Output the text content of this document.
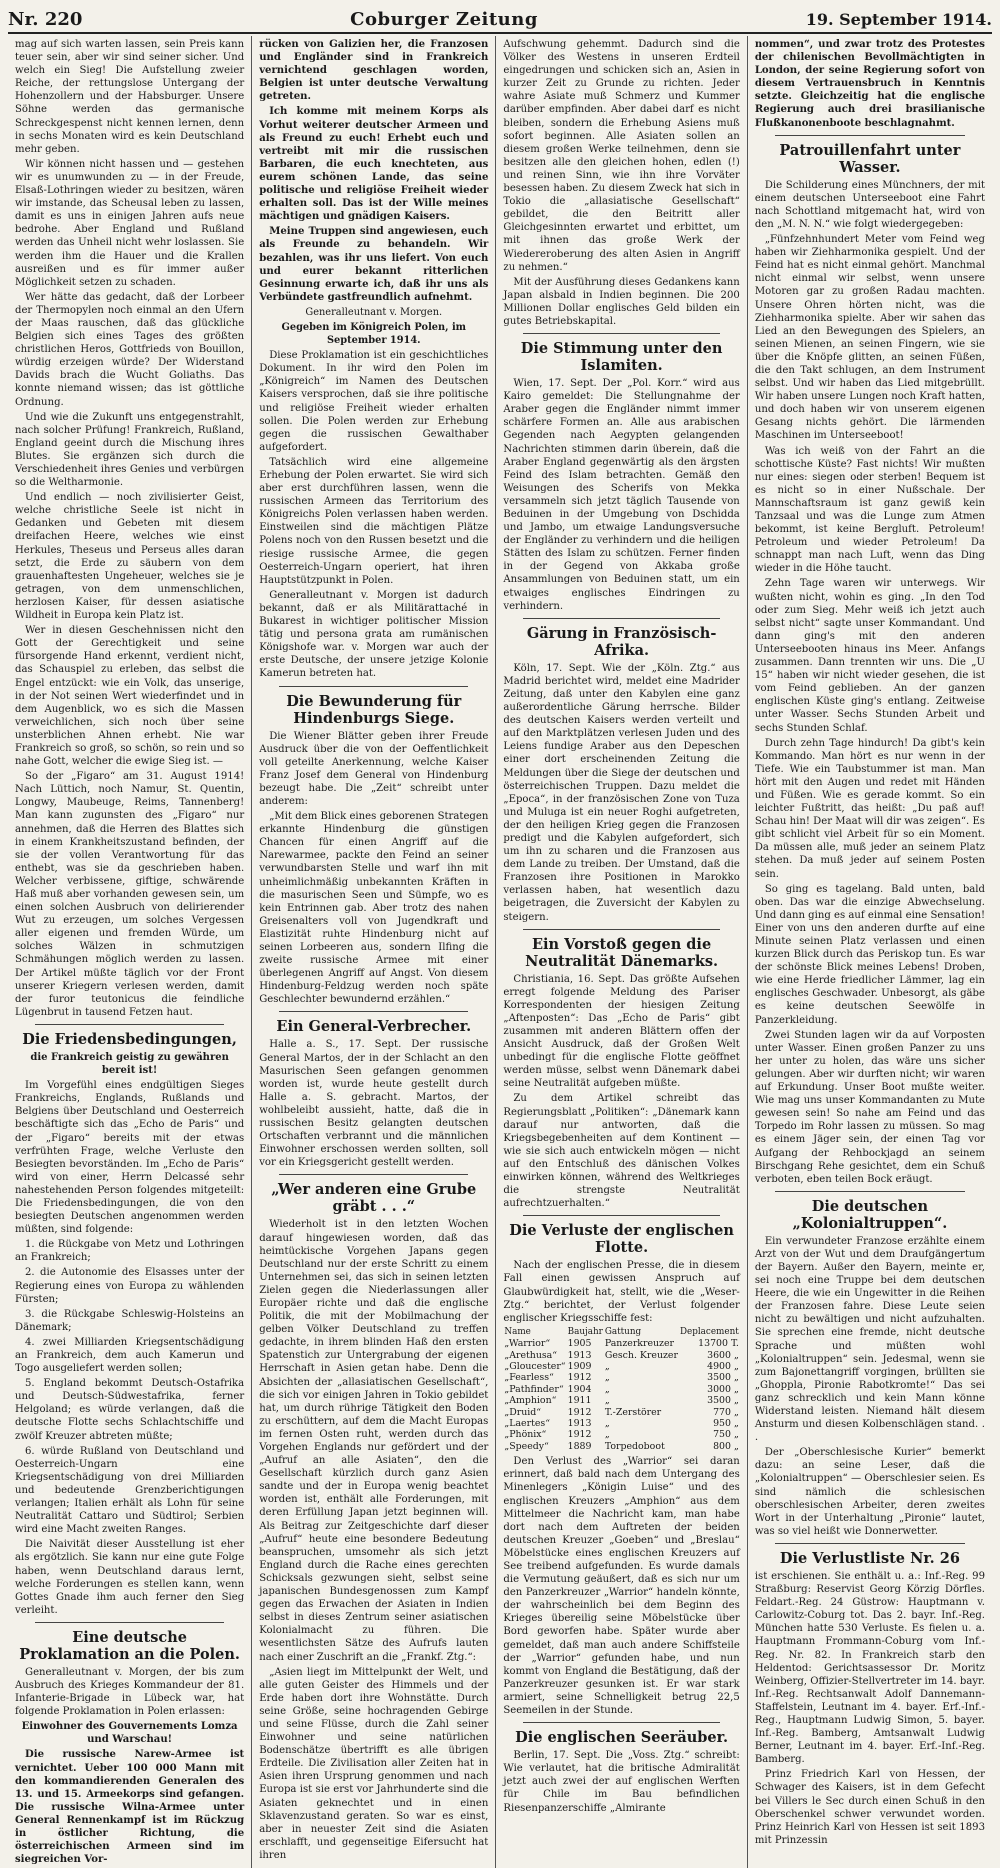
Nr. 220	Coburger Zeitung	19. September 1914.

mag auf sich warten lassen, sein Preis kann teuer sein, aber wir sind seiner sicher. Und welch ein Sieg! Die Aufstellung zweier Reiche, der rettungslose Untergang der Hohenzollern und der Habsburger. Unsere Söhne werden das germanische Schreckgespenst nicht kennen lernen, denn in sechs Monaten wird es kein Deutschland mehr geben.

Wir können nicht hassen und — gestehen wir es unumwunden zu — in der Freude, Elsaß-Lothringen wieder zu besitzen, wären wir imstande, das Scheusal leben zu lassen, damit es uns in einigen Jahren aufs neue bedrohe. Aber England und Rußland werden das Unheil nicht wehr loslassen. Sie werden ihm die Hauer und die Krallen ausreißen und es für immer außer Möglichkeit setzen zu schaden.

Wer hätte das gedacht, daß der Lorbeer der Thermopylen noch einmal an den Ufern der Maas rauschen, daß das glückliche Belgien sich eines Tages des größten christlichen Heros, Gottfrieds von Bouillon, würdig erzeigen würde? Der Widerstand Davids brach die Wucht Goliaths. Das konnte niemand wissen; das ist göttliche Ordnung.

Und wie die Zukunft uns entgegenstrahlt, nach solcher Prüfung! Frankreich, Rußland, England geeint durch die Mischung ihres Blutes. Sie ergänzen sich durch die Verschiedenheit ihres Genies und verbürgen so die Weltharmonie.

Und endlich — noch zivilisierter Geist, welche christliche Seele ist nicht in Gedanken und Gebeten mit diesem dreifachen Heere, welches wie einst Herkules, Theseus und Perseus alles daran setzt, die Erde zu säubern von dem grauenhaftesten Ungeheuer, welches sie je getragen, von dem unmenschlichen, herzlosen Kaiser, für dessen asiatische Wildheit in Europa kein Platz ist.

Wer in diesen Geschehnissen nicht den Gott der Gerechtigkeit und seine fürsorgende Hand erkennt, verdient nicht, das Schauspiel zu erleben, das selbst die Engel entzückt: wie ein Volk, das unserige, in der Not seinen Wert wiederfindet und in dem Augenblick, wo es sich die Massen verweichlichen, sich noch über seine unsterblichen Ahnen erhebt. Nie war Frankreich so groß, so schön, so rein und so nahe Gott, welcher die ewige Sieg ist. —

So der „Figaro“ am 31. August 1914! Nach Lüttich, noch Namur, St. Quentin, Longwy, Maubeuge, Reims, Tannenberg! Man kann zugunsten des „Figaro“ nur annehmen, daß die Herren des Blattes sich in einem Krankheitszustand befinden, der sie der vollen Verantwortung für das enthebt, was sie da geschrieben haben. Welcher verbissene, giftige, schwärende Haß muß aber vorhanden gewesen sein, um einen solchen Ausbruch von delirierender Wut zu erzeugen, um solches Vergessen aller eigenen und fremden Würde, um solches Wälzen in schmutzigen Schmähungen möglich werden zu lassen. Der Artikel müßte täglich vor der Front unserer Kriegern verlesen werden, damit der furor teutonicus die feindliche Lügenbrut in tausend Fetzen haut.

Die Friedensbedingungen,

die Frankreich geistig zu gewähren bereit ist!

Im Vorgefühl eines endgültigen Sieges Frankreichs, Englands, Rußlands und Belgiens über Deutschland und Oesterreich beschäftigte sich das „Echo de Paris“ und der „Figaro“ bereits mit der etwas verfrühten Frage, welche Verluste den Besiegten bevorständen. Im „Echo de Paris“ wird von einer, Herrn Delcassé sehr nahestehenden Person folgendes mitgeteilt: Die Friedensbedingungen, die von den besiegten Deutschen angenommen werden müßten, sind folgende:

1. die Rückgabe von Metz und Lothringen an Frankreich;

2. die Autonomie des Elsasses unter der Regierung eines von Europa zu wählenden Fürsten;

3. die Rückgabe Schleswig-Holsteins an Dänemark;

4. zwei Milliarden Kriegsentschädigung an Frankreich, dem auch Kamerun und Togo ausgeliefert werden sollen;

5. England bekommt Deutsch-Ostafrika und Deutsch-Südwestafrika, ferner Helgoland; es würde verlangen, daß die deutsche Flotte sechs Schlachtschiffe und zwölf Kreuzer abtreten müßte;

6. würde Rußland von Deutschland und Oesterreich-Ungarn eine Kriegsentschädigung von drei Milliarden und bedeutende Grenzberichtigungen verlangen; Italien erhält als Lohn für seine Neutralität Cattaro und Südtirol; Serbien wird eine Macht zweiten Ranges.

Die Naivität dieser Ausstellung ist eher als ergötzlich. Sie kann nur eine gute Folge haben, wenn Deutschland daraus lernt, welche Forderungen es stellen kann, wenn Gottes Gnade ihm auch ferner den Sieg verleiht.

Eine deutsche Proklamation an die Polen.

Generalleutnant v. Morgen, der bis zum Ausbruch des Krieges Kommandeur der 81. Infanterie-Brigade in Lübeck war, hat folgende Proklamation in Polen erlassen:

Einwohner des Gouvernements Lomza und Warschau!

Die russische Narew-Armee ist vernichtet. Ueber 100 000 Mann mit den kommandierenden Generalen des 13. und 15. Armeekorps sind gefangen. Die russische Wilna-Armee unter General Rennenkampf ist im Rückzug in östlicher Richtung, die österreichischen Armeen sind im siegreichen Vor-

rücken von Galizien her, die Franzosen und Engländer sind in Frankreich vernichtend geschlagen worden, Belgien ist unter deutsche Verwaltung getreten.

Ich komme mit meinem Korps als Vorhut weiterer deutscher Armeen und als Freund zu euch! Erhebt euch und vertreibt mit mir die russischen Barbaren, die euch knechteten, aus eurem schönen Lande, das seine politische und religiöse Freiheit wieder erhalten soll. Das ist der Wille meines mächtigen und gnädigen Kaisers.

Meine Truppen sind angewiesen, euch als Freunde zu behandeln. Wir bezahlen, was ihr uns liefert. Von euch und eurer bekannt ritterlichen Gesinnung erwarte ich, daß ihr uns als Verbündete gastfreundlich aufnehmt.

Generalleutnant v. Morgen.

Gegeben im Königreich Polen, im September 1914.

Diese Proklamation ist ein geschichtliches Dokument. In ihr wird den Polen im „Königreich“ im Namen des Deutschen Kaisers versprochen, daß sie ihre politische und religiöse Freiheit wieder erhalten sollen. Die Polen werden zur Erhebung gegen die russischen Gewalthaber aufgefordert.

Tatsächlich wird eine allgemeine Erhebung der Polen erwartet. Sie wird sich aber erst durchführen lassen, wenn die russischen Armeen das Territorium des Königreichs Polen verlassen haben werden. Einstweilen sind die mächtigen Plätze Polens noch von den Russen besetzt und die riesige russische Armee, die gegen Oesterreich-Ungarn operiert, hat ihren Hauptstützpunkt in Polen.

Generalleutnant v. Morgen ist dadurch bekannt, daß er als Militärattaché in Bukarest in wichtiger politischer Mission tätig und persona grata am rumänischen Königshofe war. v. Morgen war auch der erste Deutsche, der unsere jetzige Kolonie Kamerun betreten hat.

Die Bewunderung für Hindenburgs Siege.

Die Wiener Blätter geben ihrer Freude Ausdruck über die von der Oeffentlichkeit voll geteilte Anerkennung, welche Kaiser Franz Josef dem General von Hindenburg bezeugt habe. Die „Zeit“ schreibt unter anderem:

„Mit dem Blick eines geborenen Strategen erkannte Hindenburg die günstigen Chancen für einen Angriff auf die Narewarmee, packte den Feind an seiner verwundbarsten Stelle und warf ihn mit unheimlichmäßig unbekannten Kräften in die masurischen Seen und Sümpfe, wo es kein Entrinnen gab. Aber trotz des nahen Greisenalters voll von Jugendkraft und Elastizität ruhte Hindenburg nicht auf seinen Lorbeeren aus, sondern Ilfing die zweite russische Armee mit einer überlegenen Angriff auf Angst. Von diesem Hindenburg-Feldzug werden noch späte Geschlechter bewundernd erzählen.“

Ein General-Verbrecher.

Halle a. S., 17. Sept. Der russische General Martos, der in der Schlacht an den Masurischen Seen gefangen genommen worden ist, wurde heute gestellt durch Halle a. S. gebracht. Martos, der wohlbeleibt aussieht, hatte, daß die in russischen Besitz gelangten deutschen Ortschaften verbrannt und die männlichen Einwohner erschossen werden sollten, soll vor ein Kriegsgericht gestellt werden.

„Wer anderen eine Grube gräbt . . .“

Wiederholt ist in den letzten Wochen darauf hingewiesen worden, daß das heimtückische Vorgehen Japans gegen Deutschland nur der erste Schritt zu einem Unternehmen sei, das sich in seinen letzten Zielen gegen die Niederlassungen aller Europäer richte und daß die englische Politik, die mit der Mobilmachung der gelben Völker Deutschland zu treffen gedachte, in ihrem blinden Haß den ersten Spatenstich zur Untergrabung der eigenen Herrschaft in Asien getan habe. Denn die Absichten der „allasiatischen Gesellschaft“, die sich vor einigen Jahren in Tokio gebildet hat, um durch rührige Tätigkeit den Boden zu erschüttern, auf dem die Macht Europas im fernen Osten ruht, werden durch das Vorgehen Englands nur gefördert und der „Aufruf an alle Asiaten“, den die Gesellschaft kürzlich durch ganz Asien sandte und der in Europa wenig beachtet worden ist, enthält alle Forderungen, mit deren Erfüllung Japan jetzt beginnen will. Als Beitrag zur Zeitgeschichte darf dieser „Aufruf“ heute eine besondere Bedeutung beanspruchen, umsomehr als sich jetzt England durch die Rache eines gerechten Schicksals gezwungen sieht, selbst seine japanischen Bundesgenossen zum Kampf gegen das Erwachen der Asiaten in Indien selbst in dieses Zentrum seiner asiatischen Kolonialmacht zu führen. Die wesentlichsten Sätze des Aufrufs lauten nach einer Zuschrift an die „Frankf. Ztg.“:

„Asien liegt im Mittelpunkt der Welt, und alle guten Geister des Himmels und der Erde haben dort ihre Wohnstätte. Durch seine Größe, seine hochragenden Gebirge und seine Flüsse, durch die Zahl seiner Einwohner und seine natürlichen Bodenschätze übertrifft es alle übrigen Erdteile. Die Zivilisation aller Zeiten hat in Asien ihren Ursprung genommen und nach Europa ist sie erst vor Jahrhunderte sind die Asiaten geknechtet und in einen Sklavenzustand geraten. So war es einst, aber in neuester Zeit sind die Asiaten erschlafft, und gegenseitige Eifersucht hat ihren

Aufschwung gehemmt. Dadurch sind die Völker des Westens in unseren Erdteil eingedrungen und schicken sich an, Asien in kurzer Zeit zu Grunde zu richten. Jeder wahre Asiate muß Schmerz und Kummer darüber empfinden. Aber dabei darf es nicht bleiben, sondern die Erhebung Asiens muß sofort beginnen. Alle Asiaten sollen an diesem großen Werke teilnehmen, denn sie besitzen alle den gleichen hohen, edlen (!) und reinen Sinn, wie ihn ihre Vorväter besessen haben. Zu diesem Zweck hat sich in Tokio die „allasiatische Gesellschaft“ gebildet, die den Beitritt aller Gleichgesinnten erwartet und erbittet, um mit ihnen das große Werk der Wiedereroberung des alten Asien in Angriff zu nehmen.“

Mit der Ausführung dieses Gedankens kann Japan alsbald in Indien beginnen. Die 200 Millionen Dollar englisches Geld bilden ein gutes Betriebskapital.

Die Stimmung unter den Islamiten.

Wien, 17. Sept. Der „Pol. Korr.“ wird aus Kairo gemeldet: Die Stellungnahme der Araber gegen die Engländer nimmt immer schärfere Formen an. Alle aus arabischen Gegenden nach Aegypten gelangenden Nachrichten stimmen darin überein, daß die Araber England gegenwärtig als den ärgsten Feind des Islam betrachten. Gemäß den Weisungen des Scherifs von Mekka versammeln sich jetzt täglich Tausende von Beduinen in der Umgebung von Dschidda und Jambo, um etwaige Landungsversuche der Engländer zu verhindern und die heiligen Stätten des Islam zu schützen. Ferner finden in der Gegend von Akkaba große Ansammlungen von Beduinen statt, um ein etwaiges englisches Eindringen zu verhindern.

Gärung in Französisch-Afrika.

Köln, 17. Sept. Wie der „Köln. Ztg.“ aus Madrid berichtet wird, meldet eine Madrider Zeitung, daß unter den Kabylen eine ganz außerordentliche Gärung herrsche. Bilder des deutschen Kaisers werden verteilt und auf den Marktplätzen verlesen Juden und des Leiens fundige Araber aus den Depeschen einer dort erscheinenden Zeitung die Meldungen über die Siege der deutschen und österreichischen Truppen. Dazu meldet die „Epoca“, in der französischen Zone von Tuza und Muluga ist ein neuer Roghi aufgetreten, der den heiligen Krieg gegen die Franzosen predigt und die Kabylen aufgefordert, sich um ihn zu scharen und die Franzosen aus dem Lande zu treiben. Der Umstand, daß die Franzosen ihre Positionen in Marokko verlassen haben, hat wesentlich dazu beigetragen, die Zuversicht der Kabylen zu steigern.

Ein Vorstoß gegen die Neutralität Dänemarks.

Christiania, 16. Sept. Das größte Aufsehen erregt folgende Meldung des Pariser Korrespondenten der hiesigen Zeitung „Aftenposten“: Das „Echo de Paris“ gibt zusammen mit anderen Blättern offen der Ansicht Ausdruck, daß der Großen Welt unbedingt für die englische Flotte geöffnet werden müsse, selbst wenn Dänemark dabei seine Neutralität aufgeben müßte.

Zu dem Artikel schreibt das Regierungsblatt „Politiken“: „Dänemark kann darauf nur antworten, daß die Kriegsbegebenheiten auf dem Kontinent — wie sie sich auch entwickeln mögen — nicht auf den Entschluß des dänischen Volkes einwirken können, während des Weltkrieges die strengste Neutralität aufrechtzuerhalten.“

Die Verluste der englischen Flotte.

Nach der englischen Presse, die in diesem Fall einen gewissen Anspruch auf Glaubwürdigkeit hat, stellt, wie die „Weser-Ztg.“ berichtet, der Verlust folgender englischer Kriegsschiffe fest:

Name	Baujahr	Gattung	Deplacement
„Warrior“	1905	Panzerkreuzer	13700 T.
„Arethusa“	1913	Gesch. Kreuzer	3600 „
„Gloucester“	1909	„	4900 „
„Fearless“	1912	„	3500 „
„Pathfinder“	1904	„	3000 „
„Amphion“	1911	„	3500 „
„Druid“	1912	T.-Zerstörer	770 „
„Laertes“	1913	„	950 „
„Phönix“	1912	„	750 „
„Speedy“	1889	Torpedoboot	800 „

Den Verlust des „Warrior“ sei daran erinnert, daß bald nach dem Untergang des Minenlegers „Königin Luise“ und des englischen Kreuzers „Amphion“ aus dem Mittelmeer die Nachricht kam, man habe dort nach dem Auftreten der beiden deutschen Kreuzer „Goeben“ und „Breslau“ Möbelstücke eines englischen Kreuzers auf See treibend aufgefunden. Es wurde damals die Vermutung geäußert, daß es sich nur um den Panzerkreuzer „Warrior“ handeln könnte, der wahrscheinlich bei dem Beginn des Krieges übereilig seine Möbelstücke über Bord geworfen habe. Später wurde aber gemeldet, daß man auch andere Schiffsteile der „Warrior“ gefunden habe, und nun kommt von England die Bestätigung, daß der Panzerkreuzer gesunken ist. Er war stark armiert, seine Schnelligkeit betrug 22,5 Seemeilen in der Stunde.

Die englischen Seeräuber.

Berlin, 17. Sept. Die „Voss. Ztg.“ schreibt: Wie verlautet, hat die britische Admiralität jetzt auch zwei der auf englischen Werften für Chile im Bau befindlichen Riesenpanzerschiffe „Almirante

nommen“, und zwar trotz des Protestes der chilenischen Bevollmächtigten in London, der seine Regierung sofort von diesem Vertrauensbruch in Kenntnis setzte. Gleichzeitig hat die englische Regierung auch drei brasilianische Flußkanonenboote beschlagnahmt.

Patrouillenfahrt unter Wasser.

Die Schilderung eines Münchners, der mit einem deutschen Unterseeboot eine Fahrt nach Schottland mitgemacht hat, wird von den „M. N. N.“ wie folgt wiedergegeben:

„Fünfzehnhundert Meter vom Feind weg haben wir Ziehharmonika gespielt. Und der Feind hat es nicht einmal gehört. Manchmal nicht einmal wir selbst, wenn unsere Motoren gar zu großen Radau machten. Unsere Ohren hörten nicht, was die Ziehharmonika spielte. Aber wir sahen das Lied an den Bewegungen des Spielers, an seinen Mienen, an seinen Fingern, wie sie über die Knöpfe glitten, an seinen Füßen, die den Takt schlugen, an dem Instrument selbst. Und wir haben das Lied mitgebrüllt. Wir haben unsere Lungen noch Kraft hatten, und doch haben wir von unserem eigenen Gesang nichts gehört. Die lärmenden Maschinen im Unterseeboot!

Was ich weiß von der Fahrt an die schottische Küste? Fast nichts! Wir mußten nur eines: siegen oder sterben! Bequem ist es nicht so in einer Nußschale. Der Mannschaftsraum ist ganz gewiß kein Tanzsaal und was die Lunge zum Atmen bekommt, ist keine Bergluft. Petroleum! Petroleum und wieder Petroleum! Da schnappt man nach Luft, wenn das Ding wieder in die Höhe taucht.

Zehn Tage waren wir unterwegs. Wir wußten nicht, wohin es ging. „In den Tod oder zum Sieg. Mehr weiß ich jetzt auch selbst nicht“ sagte unser Kommandant. Und dann ging's mit den anderen Unterseebooten hinaus ins Meer. Anfangs zusammen. Dann trennten wir uns. Die „U 15“ haben wir nicht wieder gesehen, die ist vom Feind geblieben. An der ganzen englischen Küste ging's entlang. Zeitweise unter Wasser. Sechs Stunden Arbeit und sechs Stunden Schlaf.

Durch zehn Tage hindurch! Da gibt's kein Kommando. Man hört es nur wenn in der Tiefe. Wie ein Taubstummer ist man. Man hört mit den Augen und redet mit Händen und Füßen. Wie es gerade kommt. So ein leichter Fußtritt, das heißt: „Du paß auf! Schau hin! Der Maat will dir was zeigen“. Es gibt schlicht viel Arbeit für so ein Moment. Da müssen alle, muß jeder an seinem Platz stehen. Da muß jeder auf seinem Posten sein.

So ging es tagelang. Bald unten, bald oben. Das war die einzige Abwechselung. Und dann ging es auf einmal eine Sensation! Einer von uns den anderen durfte auf eine Minute seinen Platz verlassen und einen kurzen Blick durch das Periskop tun. Es war der schönste Blick meines Lebens! Droben, wie eine Herde friedlicher Lämmer, lag ein englisches Geschwader. Unbesorgt, als gäbe es keine deutschen Seewölfe in Panzerkleidung.

Zwei Stunden lagen wir da auf Vorposten unter Wasser. Einen großen Panzer zu uns her unter zu holen, das wäre uns sicher gelungen. Aber wir durften nicht; wir waren auf Erkundung. Unser Boot mußte weiter. Wie mag uns unser Kommandanten zu Mute gewesen sein! So nahe am Feind und das Torpedo im Rohr lassen zu müssen. So mag es einem Jäger sein, der einen Tag vor Aufgang der Rehbockjagd an seinem Birschgang Rehe gesichtet, dem ein Schuß verboten, eben teilen Bock eräugt.

Die deutschen „Kolonialtruppen“.

Ein verwundeter Franzose erzählte einem Arzt von der Wut und dem Draufgängertum der Bayern. Außer den Bayern, meinte er, sei noch eine Truppe bei dem deutschen Heere, die wie ein Ungewitter in die Reihen der Franzosen fahre. Diese Leute seien nicht zu bewältigen und nicht aufzuhalten. Sie sprechen eine fremde, nicht deutsche Sprache und müßten wohl „Kolonialtruppen“ sein. Jedesmal, wenn sie zum Bajonettangriff vorgingen, brüllten sie „Ghoppla, Pironie Rabotkromte!“ Das sei ganz schrecklich und kein Mann könne Widerstand leisten. Niemand hält diesem Ansturm und diesen Kolbenschlägen stand. . .

Der „Oberschlesische Kurier“ bemerkt dazu: an seine Leser, daß die „Kolonialtruppen“ — Oberschlesier seien. Es sind nämlich die schlesischen oberschlesischen Arbeiter, deren zweites Wort in der Unterhaltung „Pironie“ lautet, was so viel heißt wie Donnerwetter.

Die Verlustliste Nr. 26

ist erschienen. Sie enthält u. a.: Inf.-Reg. 99 Straßburg: Reservist Georg Körzig Dörfles. Feldart.-Reg. 24 Güstrow: Hauptmann v. Carlowitz-Coburg tot. Das 2. bayr. Inf.-Reg. München hatte 530 Verluste. Es fielen u. a. Hauptmann Frommann-Coburg vom Inf.-Reg. Nr. 82. In Frankreich starb den Heldentod: Gerichtsassessor Dr. Moritz Weinberg, Offizier-Stellvertreter im 14. bayr. Inf.-Reg. Rechtsanwalt Adolf Dannemann-Staffelstein, Leutnant im 4. bayer. Erf.-Inf.-Reg., Hauptmann Ludwig Simon, 5. bayer. Inf.-Reg. Bamberg, Amtsanwalt Ludwig Berner, Leutnant im 4. bayer. Erf.-Inf.-Reg. Bamberg.

Prinz Friedrich Karl von Hessen, der Schwager des Kaisers, ist in dem Gefecht bei Villers le Sec durch einen Schuß in den Oberschenkel schwer verwundet worden. Prinz Heinrich Karl von Hessen ist seit 1893 mit Prinzessin
